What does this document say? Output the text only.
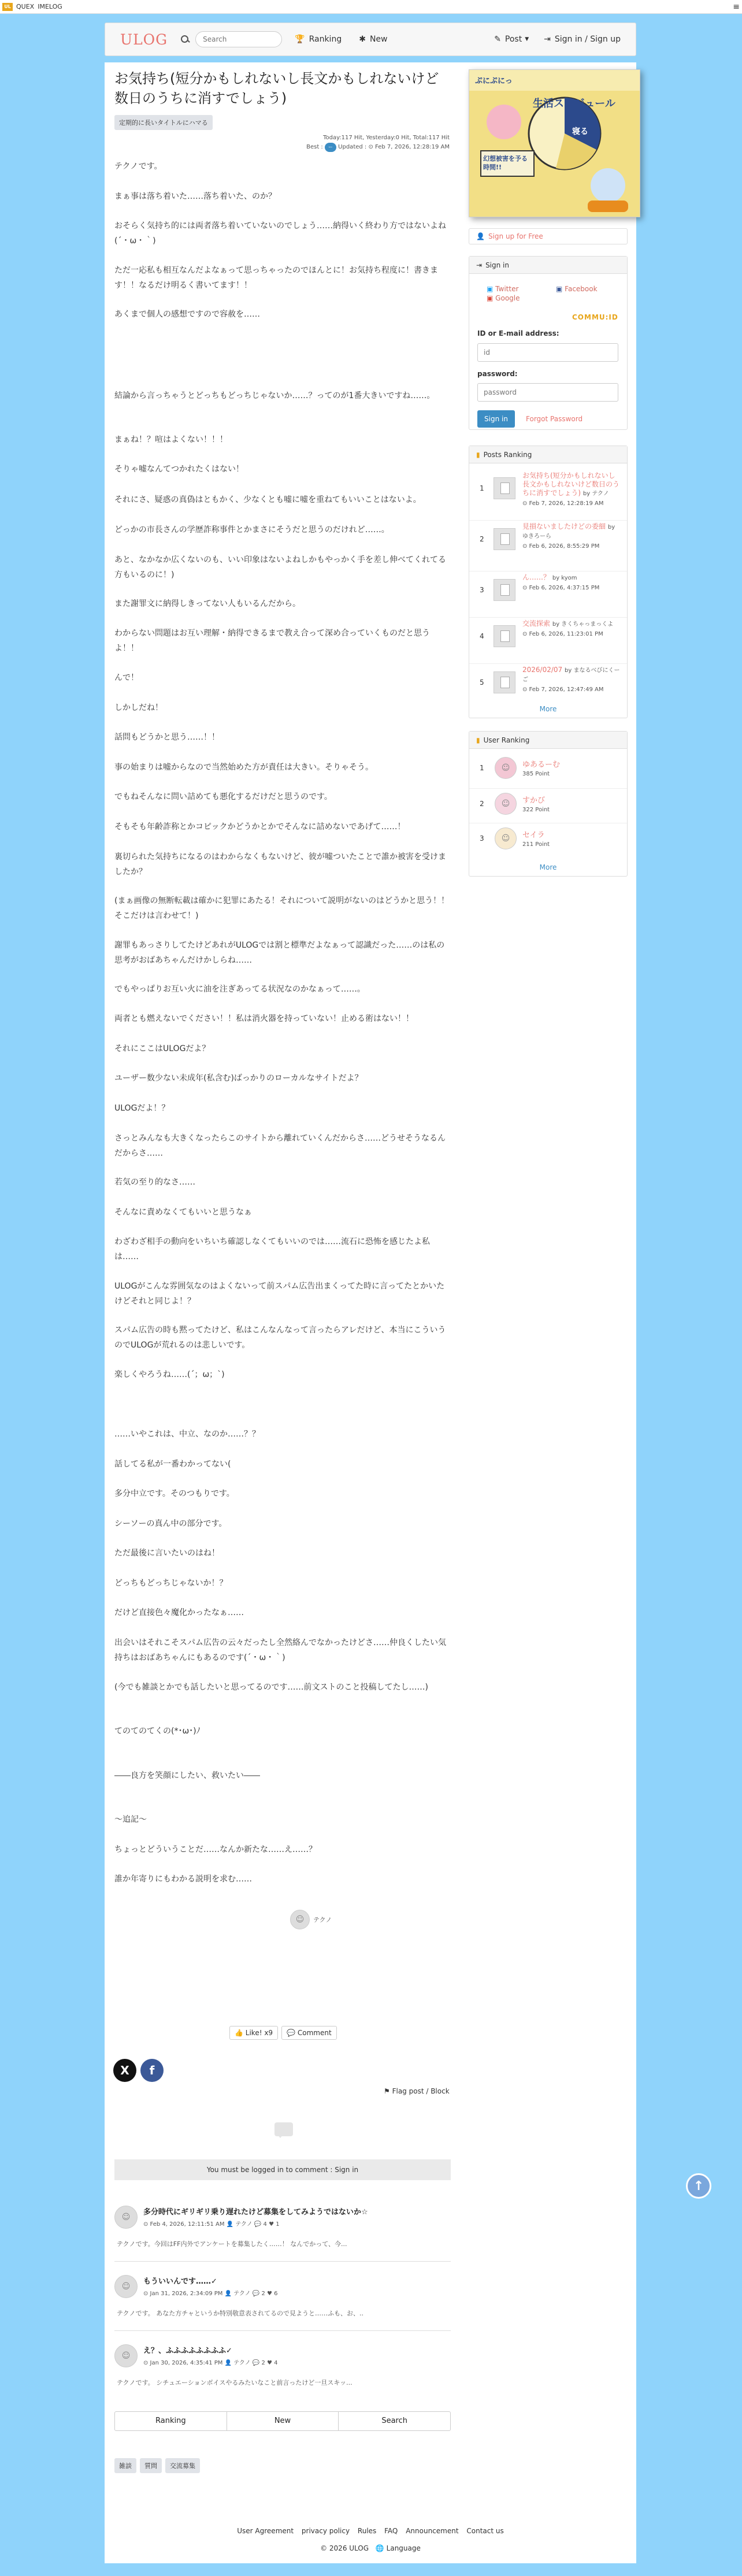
UL QUEX IMELOG	≡
ULOG
Search	🏆 Ranking ✱ New	✎ Post ▼ ⇥ Sign in / Sign up
お気持ち(短分かもしれないし長文かもしれないけど数日のうちに消すでしょう)
定期的に長いタイトルにハマる
Today:117 Hit, Yesterday:0 Hit, Total:117 Hit
Best : ー Updated : ⊙ Feb 7, 2026, 12:28:19 AM
テクノです。
まぁ事は落ち着いた……落ち着いた、のか？
おそらく気持ち的には両者落ち着いていないのでしょう……納得いく終わり方ではないよね(´・ω・｀)
ただ一応私も相互なんだよなぁって思っちゃったのでほんとに！お気持ち程度に！書きます！！なるだけ明るく書いてます！！
あくまで個人の感想ですので容赦を……
結論から言っちゃうとどっちもどっちじゃないか……？ってのが1番大きいですね……。
まぁね！？喧はよくない！！！
そりゃ嘘なんてつかれたくはない！
それにさ、疑惑の真偽はともかく、少なくとも嘘に嘘を重ねてもいいことはないよ。
どっかの市長さんの学歴詐称事件とかまさにそうだと思うのだけれど……。
あと、なかなか広くないのも、いい印象はないよねしかもやっかく手を差し伸べてくれてる方もいるのに！)
また謝罪文に納得しきってない人もいるんだから。
わからない問題はお互い理解・納得できるまで教え合って深め合っていくものだと思うよ！！
んで！
しかしだね！
話問もどうかと思う……！！
事の始まりは嘘からなので当然始めた方が責任は大きい。そりゃそう。
でもねそんなに問い詰めても悪化するだけだと思うのです。
そもそも年齢詐称とかコピックかどうかとかでそんなに詰めないであげて……！
裏切られた気持ちになるのはわからなくもないけど、彼が嘘ついたことで誰か被害を受けましたか？
(まぁ画像の無断転載は確かに犯罪にあたる！それについて説明がないのはどうかと思う！！そこだけは言わせて！)
謝罪もあっさりしてたけどあれがULOGでは割と標準だよなぁって認識だった……のは私の思考がおばあちゃんだけかしらね……
でもやっぱりお互い火に油を注ぎあってる状況なのかなぁって……。
両者とも燃えないでください！！私は消火器を持っていない！止める術はない！！
それにここはULOGだよ？
ユーザー数少ない未成年(私含む)ばっかりのローカルなサイトだよ？
ULOGだよ！？
さっとみんなも大きくなったらこのサイトから離れていくんだからさ……どうせそうなるんだからさ……
若気の至り的なさ……
そんなに責めなくてもいいと思うなぁ
わざわざ相手の動向をいちいち確認しなくてもいいのでは……流石に恐怖を感じたよ私は……
ULOGがこんな雰囲気なのはよくないって前スパム広告出まくってた時に言ってたとかいたけどそれと同じよ！？
スパム広告の時も黙ってたけど、私はこんなんなって言ったらアレだけど、本当にこういうのでULOGが荒れるのは悲しいです。
楽しくやろうね……(´；ω；`)
……いやこれは、中立、なのか……？？
話してる私が一番わかってない(
多分中立です。そのつもりです。
シーソーの真ん中の部分です。
ただ最後に言いたいのはね！
どっちもどっちじゃないか！？
だけど直接色々魔化かったなぁ……
出会いはそれこそスパム広告の云々だったし全然絡んでなかったけどさ……仲良くしたい気持ちはおばあちゃんにもあるのです(´・ω・｀)
(今でも雑談とかでも話したいと思ってるのです……前文ストのこと投稿してたし……)
てのてのてくの(*･ω･)ﾉ
――良方を笑顔にしたい、救いたい――
〜追記〜
ちょっとどういうことだ……なんか新たな……え……？
誰か年寄りにもわかる説明を求む……
☺	テクノ
👍 Like! x9	💬 Comment
X	f
⚑ Flag post / Block
You must be logged in to comment : Sign in
☺
多分時代にギリギリ乗り遅れたけど募集をしてみようではないか☆
⊙ Feb 4, 2026, 12:11:51 AM 👤 テクノ 💬 4 ♥ 1
テクノです。今回はFF内外でアンケートを募集したく……！ なんでかって、今...
☺
もういいんです……✓
⊙ Jan 31, 2026, 2:34:09 PM 👤 テクノ 💬 2 ♥ 6
テクノです。 あなた方チャというか特別敬意表されてるので見ようと……ふも、お、..
☺
え？、ふふふふふふふふ✓
⊙ Jan 30, 2026, 4:35:41 PM 👤 テクノ 💬 2 ♥ 4
テクノです。 シチュエーションボイスやるみたいなこと前言ったけど一旦スキッ...
Ranking	New	Search
雑談	質問	交流募集
User Agreement privacy policy Rules FAQ Announcement Contact us
© 2026 ULOG 🌐 Language
↑
生活スケジュール
ぷにぷにっ
寝る
幻想被害を予る時間!!
👤 Sign up for Free
⇥ Sign in
▣ Twitter
▣ Google
▣ Facebook
COMMU:ID
ID or E-mail address:
id
password:
password
Sign in	Forgot Password
▮ Posts Ranking
1
お気持ち(短分かもしれないし長文かもしれないけど数日のうちに消すでしょう) by テクノ
⊙ Feb 7, 2026, 12:28:19 AM
2
見損ないましたけどの委細 by ゆきろーら
⊙ Feb 6, 2026, 8:55:29 PM
3
ん……？ by kyom
⊙ Feb 6, 2026, 4:37:15 PM
4
交流探索 by きくちゃっまっくよ
⊙ Feb 6, 2026, 11:23:01 PM
5
2026/02/07 by まなるべびにくーご
⊙ Feb 7, 2026, 12:47:49 AM
More
▮ User Ranking
1	☺	ゆあるーむ
385 Point
2	☺	すかび
322 Point
3	☺	セイラ
211 Point
More
